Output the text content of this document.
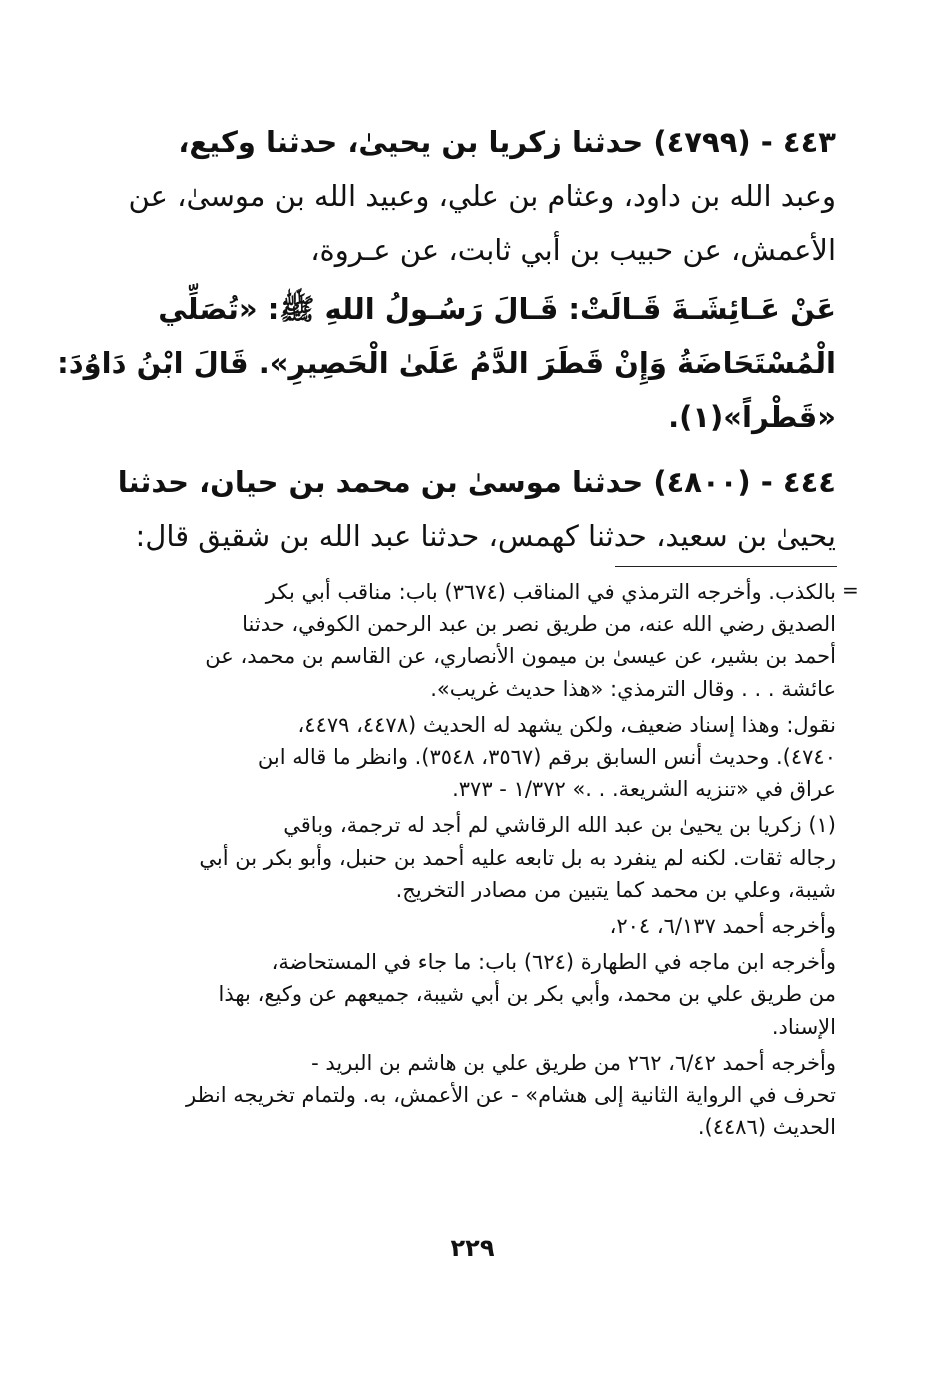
٤٤٣ - (٤٧٩٩) حدثنا زكريا بن يحيىٰ، حدثنا وكيع،
وعبد الله بن داود، وعثام بن علي، وعبيد الله بن موسىٰ، عن
الأعمش، عن حبيب بن أبي ثابت، عن عـروة،
عَنْ عَـائِشَـةَ قَـالَتْ: قَـالَ رَسُـولُ اللهِ ﷺ: «تُصَلِّي
الْمُسْتَحَاضَةُ وَإِنْ قَطَرَ الدَّمُ عَلَىٰ الْحَصِيرِ». قَالَ ابْنُ دَاوُدَ:
«قَطْراً»(١).
٤٤٤ - (٤٨٠٠) حدثنا موسىٰ بن محمد بن حيان، حدثنا
يحيىٰ بن سعيد، حدثنا كهمس، حدثنا عبد الله بن شقيق قال:
=
بالكذب. وأخرجه الترمذي في المناقب (٣٦٧٤) باب: مناقب أبي بكر
الصديق رضي الله عنه، من طريق نصر بن عبد الرحمن الكوفي، حدثنا
أحمد بن بشير، عن عيسىٰ بن ميمون الأنصاري، عن القاسم بن محمد، عن
عائشة . . . وقال الترمذي: «هذا حديث غريب».
نقول: وهذا إسناد ضعيف، ولكن يشهد له الحديث (٤٤٧٨، ٤٤٧٩،
٤٧٤٠). وحديث أنس السابق برقم (٣٥٦٧، ٣٥٤٨). وانظر ما قاله ابن
عراق في «تنزيه الشريعة. . .» ١/٣٧٢ - ٣٧٣.
(١) زكريا بن يحيىٰ بن عبد الله الرقاشي لم أجد له ترجمة، وباقي
رجاله ثقات. لكنه لم ينفرد به بل تابعه عليه أحمد بن حنبل، وأبو بكر بن أبي
شيبة، وعلي بن محمد كما يتبين من مصادر التخريج.
وأخرجه أحمد ٦/١٣٧، ٢٠٤،
وأخرجه ابن ماجه في الطهارة (٦٢٤) باب: ما جاء في المستحاضة،
من طريق علي بن محمد، وأبي بكر بن أبي شيبة، جميعهم عن وكيع، بهذا
الإسناد.
وأخرجه أحمد ٦/٤٢، ٢٦٢ من طريق علي بن هاشم بن البريد -
تحرف في الرواية الثانية إلى هشام» - عن الأعمش، به. ولتمام تخريجه انظر
الحديث (٤٤٨٦).
٢٢٩
